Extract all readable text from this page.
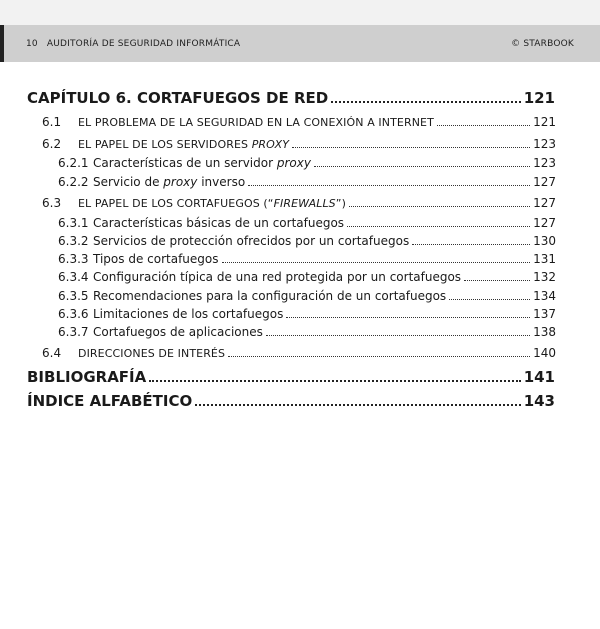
10 AUDITORÍA DE SEGURIDAD INFORMÁTICA	© STARBOOK
CAPÍTULO 6. CORTAFUEGOS DE RED	121
6.1	EL PROBLEMA DE LA SEGURIDAD EN LA CONEXIÓN A INTERNET	121
6.2	EL PAPEL DE LOS SERVIDORES PROXY	123
6.2.1 Características de un servidor proxy	123
6.2.2 Servicio de proxy inverso	127
6.3	EL PAPEL DE LOS CORTAFUEGOS (“FIREWALLS”)	127
6.3.1 Características básicas de un cortafuegos	127
6.3.2 Servicios de protección ofrecidos por un cortafuegos	130
6.3.3 Tipos de cortafuegos	131
6.3.4 Configuración típica de una red protegida por un cortafuegos	132
6.3.5 Recomendaciones para la configuración de un cortafuegos	134
6.3.6 Limitaciones de los cortafuegos	137
6.3.7 Cortafuegos de aplicaciones	138
6.4	DIRECCIONES DE INTERÉS	140
BIBLIOGRAFÍA	141
ÍNDICE ALFABÉTICO	143
